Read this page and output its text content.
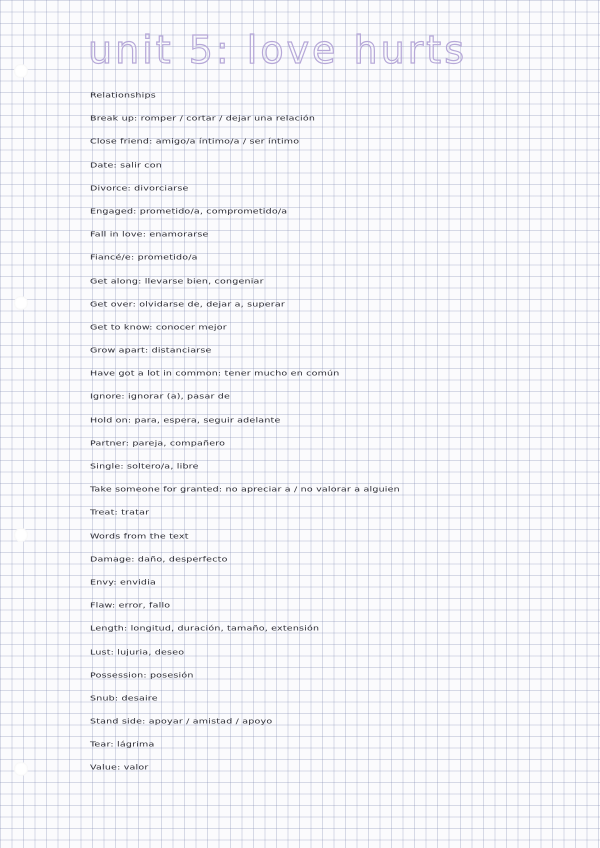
unit 5: love hurts
Relationships
Break up: romper / cortar / dejar una relación
Close friend: amigo/a íntimo/a / ser íntimo
Date: salir con
Divorce: divorciarse
Engaged: prometido/a, comprometido/a
Fall in love: enamorarse
Fiancé/e: prometido/a
Get along: llevarse bien, congeniar
Get over: olvidarse de, dejar a, superar
Get to know: conocer mejor
Grow apart: distanciarse
Have got a lot in common: tener mucho en común
Ignore: ignorar (a), pasar de
Hold on: para, espera, seguir adelante
Partner: pareja, compañero
Single: soltero/a, libre
Take someone for granted: no apreciar a / no valorar a alguien
Treat: tratar
Words from the text
Damage: daño, desperfecto
Envy: envidia
Flaw: error, fallo
Length: longitud, duración, tamaño, extensión
Lust: lujuria, deseo
Possession: posesión
Snub: desaire
Stand side: apoyar / amistad / apoyo
Tear: lágrima
Value: valor
